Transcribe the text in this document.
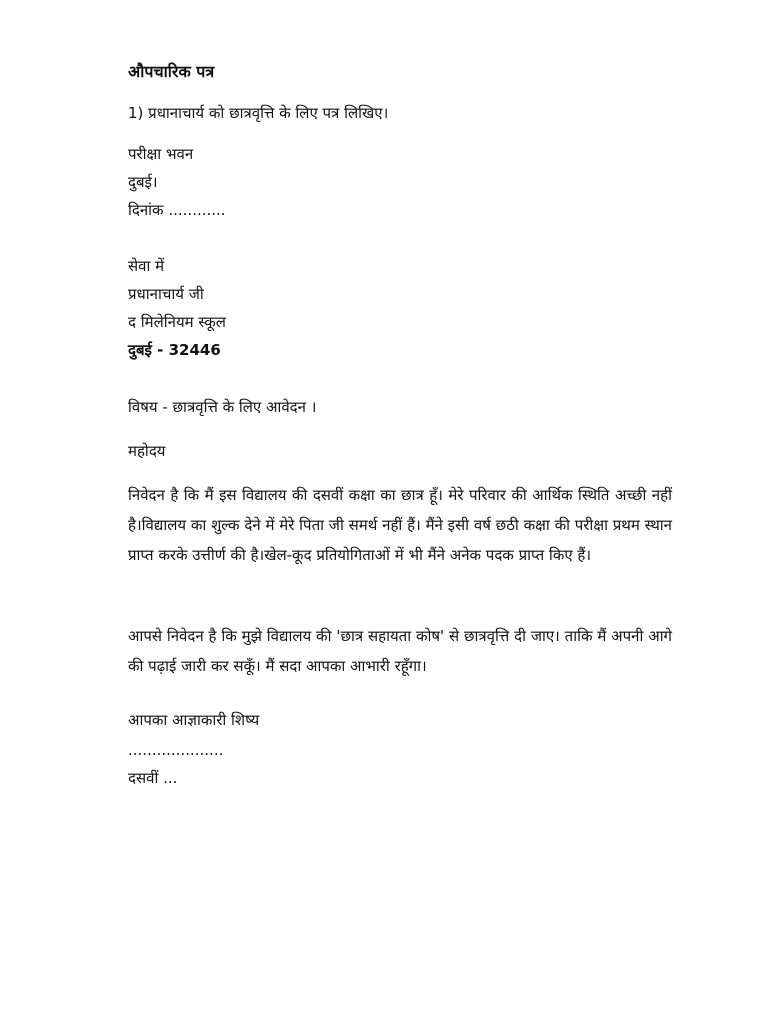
औपचारिक पत्र

1) प्रधानाचार्य को छात्रवृत्ति के लिए पत्र लिखिए।

परीक्षा भवन

दुबई।

दिनांक ............

सेवा में

प्रधानाचार्य जी

द मिलेनियम स्कूल

दुबई - 32446

विषय - छात्रवृत्ति के लिए आवेदन ।

महोदय

निवेदन है कि मैं इस विद्यालय की दसवीं कक्षा का छात्र हूँ। मेरे परिवार की आर्थिक स्थिति अच्छी नहीं है।विद्यालय का शुल्क देने में मेरे पिता जी समर्थ नहीं हैं। मैंने इसी वर्ष छठी कक्षा की परीक्षा प्रथम स्थान प्राप्त करके उत्तीर्ण की है।खेल-कूद प्रतियोगिताओं में भी मैंने अनेक पदक प्राप्त किए हैं।

आपसे निवेदन है कि मुझे विद्यालय की 'छात्र सहायता कोष' से छात्रवृत्ति दी जाए। ताकि मैं अपनी आगे की पढ़ाई जारी कर सकूँ। मैं सदा आपका आभारी रहूँगा।

आपका आज्ञाकारी शिष्य

....................

दसवीं ...
